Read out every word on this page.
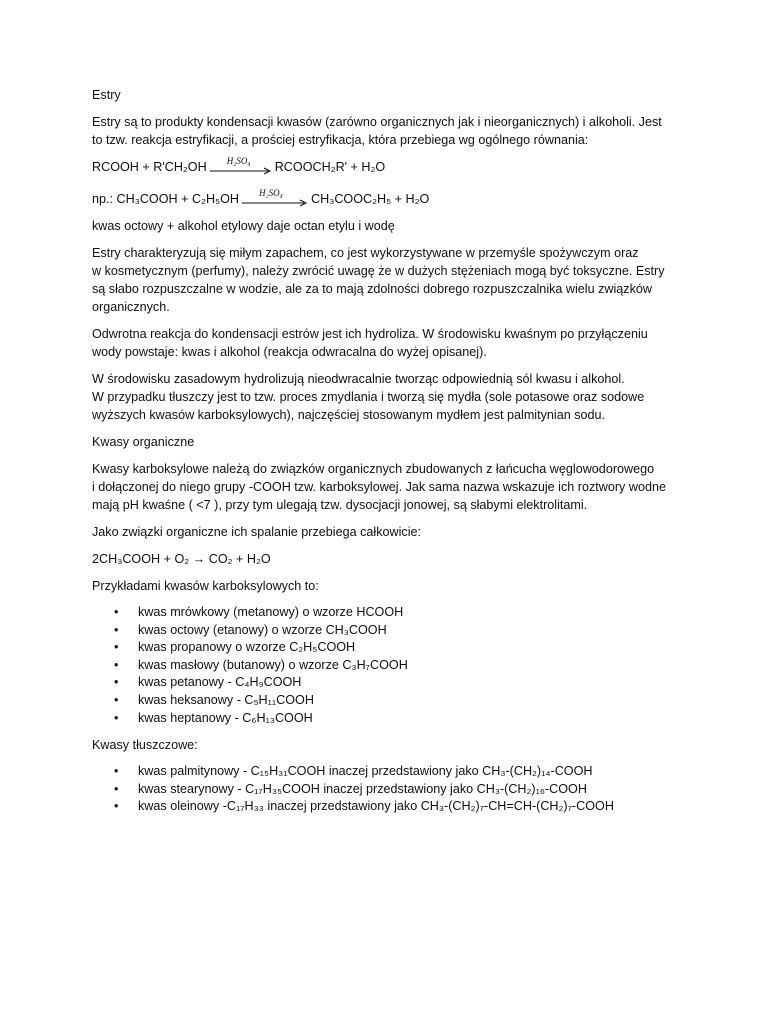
Estry

Estry są to produkty kondensacji kwasów (zarówno organicznych jak i nieorganicznych) i alkoholi. Jest
to tzw. reakcja estryfikacji, a prościej estryfikacja, która przebiega wg ogólnego równania:

RCOOH + R'CH₂OH H₂SO₄ RCOOCH₂R' + H₂O
np.: CH₃COOH + C₂H₅OH H₂SO₄ CH₃COOC₂H₅ + H₂O

kwas octowy + alkohol etylowy daje octan etylu i wodę

Estry charakteryzują się miłym zapachem, co jest wykorzystywane w przemyśle spożywczym oraz
w kosmetycznym (perfumy), należy zwrócić uwagę że w dużych stężeniach mogą być toksyczne. Estry
są słabo rozpuszczalne w wodzie, ale za to mają zdolności dobrego rozpuszczalnika wielu związków
organicznych.

Odwrotna reakcja do kondensacji estrów jest ich hydroliza. W środowisku kwaśnym po przyłączeniu
wody powstaje: kwas i alkohol (reakcja odwracalna do wyżej opisanej).

W środowisku zasadowym hydrolizują nieodwracalnie tworząc odpowiednią sól kwasu i alkohol.
W przypadku tłuszczy jest to tzw. proces zmydlania i tworzą się mydła (sole potasowe oraz sodowe
wyższych kwasów karboksylowych), najczęściej stosowanym mydłem jest palmitynian sodu.

Kwasy organiczne

Kwasy karboksylowe należą do związków organicznych zbudowanych z łańcucha węglowodorowego
i dołączonej do niego grupy -COOH tzw. karboksylowej. Jak sama nazwa wskazuje ich roztwory wodne
mają pH kwaśne ( <7 ), przy tym ulegają tzw. dysocjacji jonowej, są słabymi elektrolitami.

Jako związki organiczne ich spalanie przebiega całkowicie:

2CH₃COOH + O₂ → CO₂ + H₂O

Przykładami kwasów karboksylowych to:

• kwas mrówkowy (metanowy) o wzorze HCOOH
• kwas octowy (etanowy) o wzorze CH₃COOH
• kwas propanowy o wzorze C₂H₅COOH
• kwas masłowy (butanowy) o wzorze C₃H₇COOH
• kwas petanowy - C₄H₉COOH
• kwas heksanowy - C₅H₁₁COOH
• kwas heptanowy - C₆H₁₃COOH

Kwasy tłuszczowe:

• kwas palmitynowy - C₁₅H₃₁COOH inaczej przedstawiony jako CH₃-(CH₂)₁₄-COOH
• kwas stearynowy - C₁₇H₃₅COOH inaczej przedstawiony jako CH₃-(CH₂)₁₆-COOH
• kwas oleinowy -C₁₇H₃₃ inaczej przedstawiony jako CH₃-(CH₂)₇-CH=CH-(CH₂)₇-COOH
